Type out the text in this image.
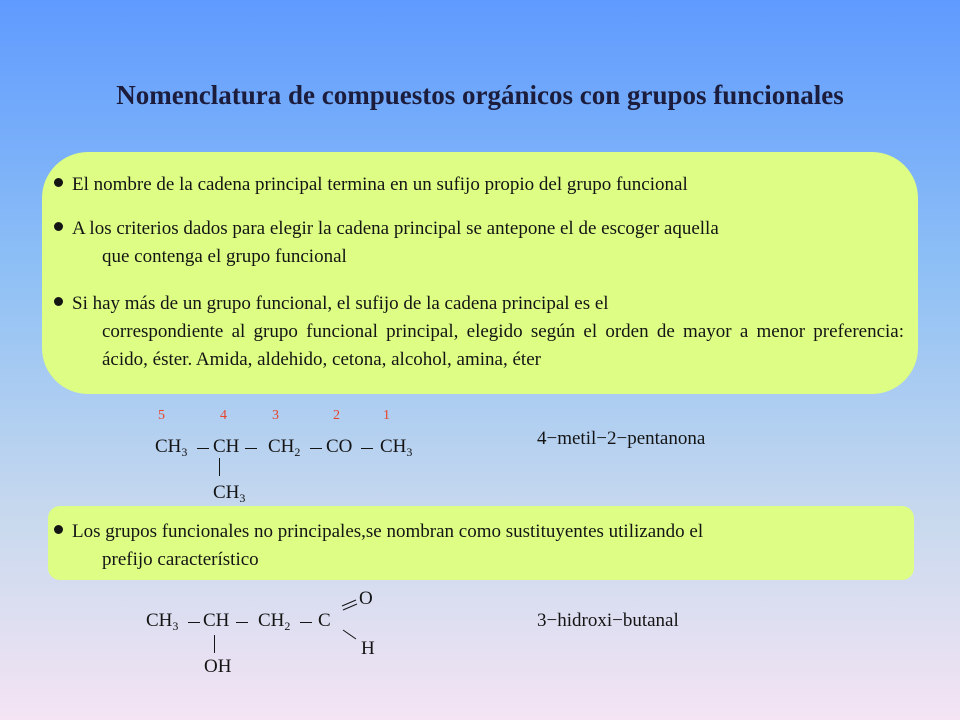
Nomenclatura de compuestos orgánicos con grupos funcionales
El nombre de la cadena principal termina en un sufijo propio del grupo funcional
A los criterios dados para elegir la cadena principal se antepone el de escoger aquella
que contenga el grupo funcional
Si hay más de un grupo funcional, el sufijo de la cadena principal es el
correspondiente al grupo funcional principal, elegido según el orden de mayor a menor preferencia: ácido, éster. Amida, aldehido, cetona, alcohol, amina, éter
5	4	3	2	1
$CH_3$ CH $CH_2$ CO $CH_3$
$CH_3$
4−metil−2−pentanona
Los grupos funcionales no principales,se nombran como sustituyentes utilizando el
prefijo característico
$CH_3$ CH $CH_2$ C
O
H
OH
3−hidroxi−butanal
